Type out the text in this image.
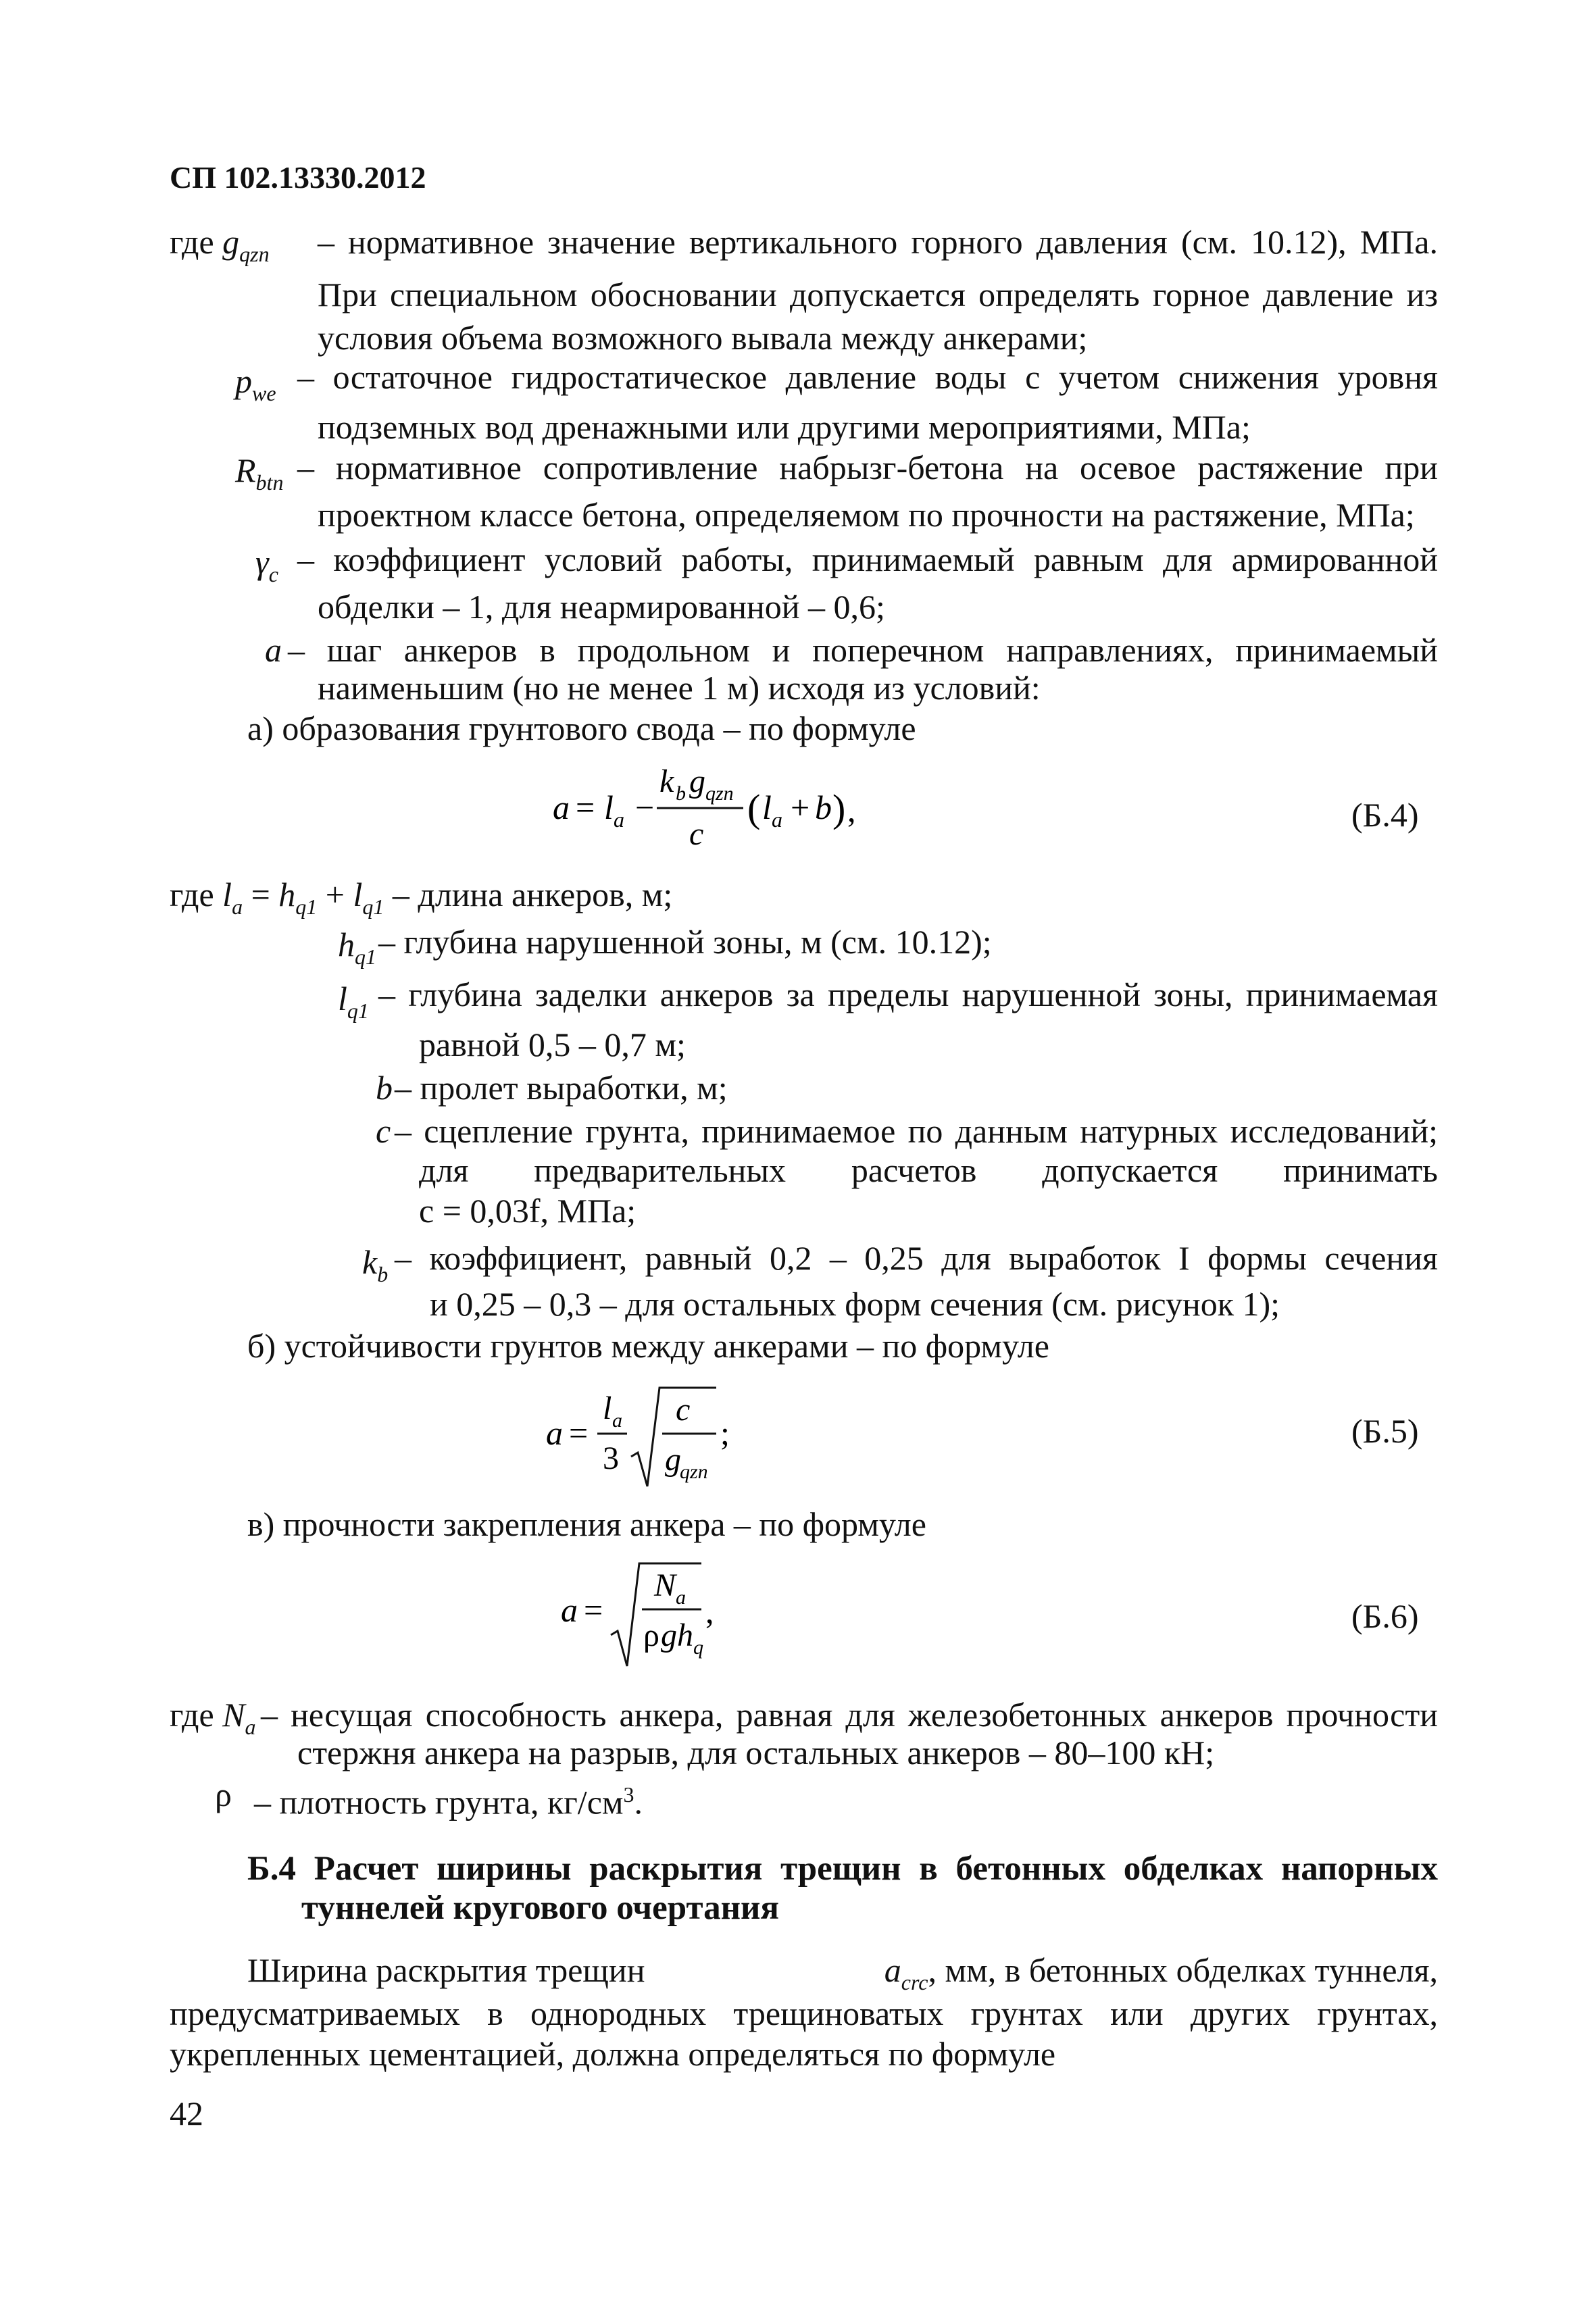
СП 102.13330.2012
где $g_{qzn}$ – нормативное значение вертикального горного давления (см. 10.12), МПа.
При специальном обосновании допускается определять горное давление из
условия объема возможного вывала между анкерами;
$p_{we}$ – остаточное гидростатическое давление воды с учетом снижения уровня
подземных вод дренажными или другими мероприятиями, МПа;
$R_{btn}$ – нормативное сопротивление набрызг-бетона на осевое растяжение при
проектном классе бетона, определяемом по прочности на растяжение, МПа;
$\gamma_c$ – коэффициент условий работы, принимаемый равным для армированной
обделки – 1, для неармированной – 0,6;
a – шаг анкеров в продольном и поперечном направлениях, принимаемый
наименьшим (но не менее 1 м) исходя из условий:
а) образования грунтового свода – по формуле
a = l a −
k b g qzn
c
( l a + b ) ,	(Б.4)
где $l_a = h_{q1} + l_{q1}$ – длина анкеров, м;
$h_{q1}$ – глубина нарушенной зоны, м (см. 10.12);
$l_{q1}$ – глубина заделки анкеров за пределы нарушенной зоны, принимаемая
равной 0,5 – 0,7 м;
b – пролет выработки, м;
c – сцепление грунта, принимаемое по данным натурных исследований;
для предварительных расчетов допускается принимать
c = 0,03f, МПа;
$k_b$ – коэффициент, равный 0,2 – 0,25 для выработок I формы сечения
и 0,25 – 0,3 – для остальных форм сечения (см. рисунок 1);
б) устойчивости грунтов между анкерами – по формуле
a =
l a
3
c
g
qzn
;	(Б.5)
в) прочности закрепления анкера – по формуле
a =
N a
ρ g h q
,	(Б.6)
где $N_a$ – несущая способность анкера, равная для железобетонных анкеров прочности
стержня анкера на разрыв, для остальных анкеров – 80–100 кН;
ρ – плотность грунта, $кг/см^3$.
Б.4 Расчет ширины раскрытия трещин в бетонных обделках напорных
туннелей кругового очертания
Ширина раскрытия трещин	$a_{crc}$, мм, в бетонных обделках туннеля,
предусматриваемых в однородных трещиноватых грунтах или других грунтах,
укрепленных цементацией, должна определяться по формуле
42
